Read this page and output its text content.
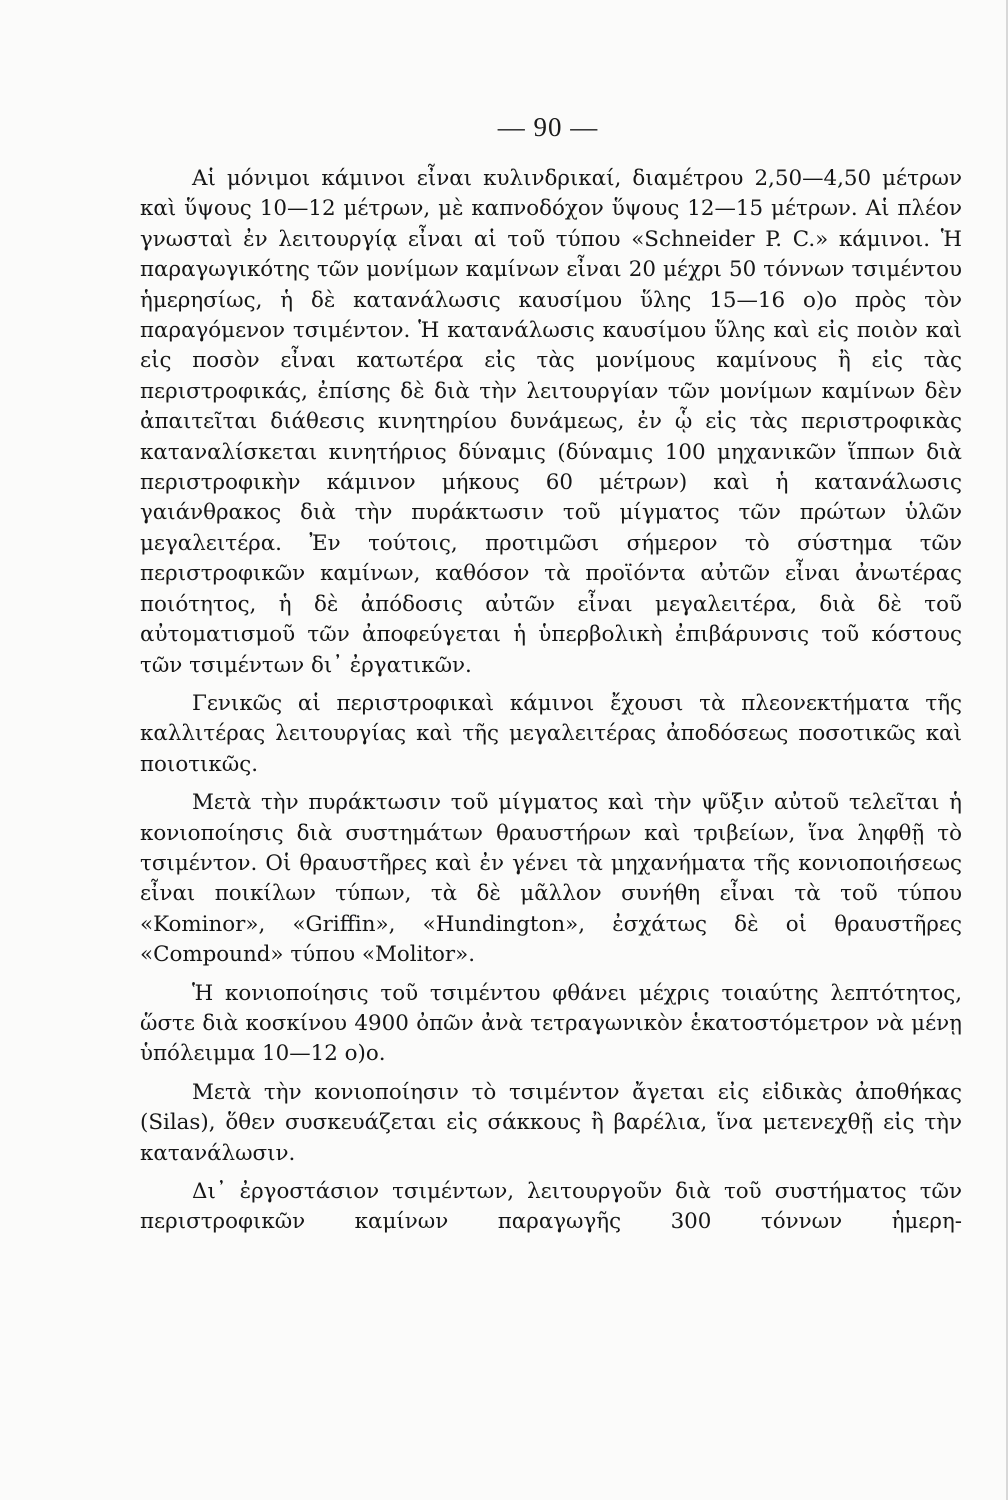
— 90 —

Αἱ μόνιμοι κάμινοι εἶναι κυλινδρικαί, διαμέτρου 2,50—4,50 μέτρων καὶ ὕψους 10—12 μέτρων, μὲ καπνοδόχον ὕψους 12—15 μέτρων. Αἱ πλέον γνωσταὶ ἐν λειτουργίᾳ εἶναι αἱ τοῦ τύπου «Schneider P. C.» κάμινοι. Ἡ παραγωγικότης τῶν μονίμων καμίνων εἶναι 20 μέχρι 50 τόννων τσιμέντου ἡμερησίως, ἡ δὲ κατανάλωσις καυσίμου ὕλης 15—16 ο)ο πρὸς τὸν παραγόμενον τσιμέντον. Ἡ κατανάλωσις καυσίμου ὕλης καὶ εἰς ποιὸν καὶ εἰς ποσὸν εἶναι κατωτέρα εἰς τὰς μονίμους καμίνους ἢ εἰς τὰς περιστροφικάς, ἐπίσης δὲ διὰ τὴν λειτουργίαν τῶν μονίμων καμίνων δὲν ἀπαιτεῖται διάθεσις κινητηρίου δυνάμεως, ἐν ᾧ εἰς τὰς περιστροφικὰς καταναλίσκεται κινητήριος δύναμις (δύναμις 100 μηχανικῶν ἵππων διὰ περιστροφικὴν κάμινον μήκους 60 μέτρων) καὶ ἡ κατανάλωσις γαιάνθρακος διὰ τὴν πυράκτωσιν τοῦ μίγματος τῶν πρώτων ὑλῶν μεγαλειτέρα. Ἐν τούτοις, προτιμῶσι σήμερον τὸ σύστημα τῶν περιστροφικῶν καμίνων, καθόσον τὰ προϊόντα αὐτῶν εἶναι ἀνωτέρας ποιότητος, ἡ δὲ ἀπόδοσις αὐτῶν εἶναι μεγαλειτέρα, διὰ δὲ τοῦ αὐτοματισμοῦ τῶν ἀποφεύγεται ἡ ὑπερβολικὴ ἐπιβάρυνσις τοῦ κόστους τῶν τσιμέντων δι᾽ ἐργατικῶν.

Γενικῶς αἱ περιστροφικαὶ κάμινοι ἔχουσι τὰ πλεονεκτήματα τῆς καλλιτέρας λειτουργίας καὶ τῆς μεγαλειτέρας ἀποδόσεως ποσοτικῶς καὶ ποιοτικῶς.

Μετὰ τὴν πυράκτωσιν τοῦ μίγματος καὶ τὴν ψῦξιν αὐτοῦ τελεῖται ἡ κονιοποίησις διὰ συστημάτων θραυστήρων καὶ τριβείων, ἵνα ληφθῇ τὸ τσιμέντον. Οἱ θραυστῆρες καὶ ἐν γένει τὰ μηχανήματα τῆς κονιοποιήσεως εἶναι ποικίλων τύπων, τὰ δὲ μᾶλλον συνήθη εἶναι τὰ τοῦ τύπου «Kominor», «Griffin», «Hundington», ἐσχάτως δὲ οἱ θραυστῆρες «Compound» τύπου «Molitor».

Ἡ κονιοποίησις τοῦ τσιμέντου φθάνει μέχρις τοιαύτης λεπτότητος, ὥστε διὰ κοσκίνου 4900 ὀπῶν ἀνὰ τετραγωνικὸν ἑκατοστόμετρον νὰ μένῃ ὑπόλειμμα 10—12 ο)ο.

Μετὰ τὴν κονιοποίησιν τὸ τσιμέντον ἄγεται εἰς εἰδικὰς ἀποθήκας (Silas), ὅθεν συσκευάζεται εἰς σάκκους ἢ βαρέλια, ἵνα μετενεχθῇ εἰς τὴν κατανάλωσιν.

Δι᾽ ἐργοστάσιον τσιμέντων, λειτουργοῦν διὰ τοῦ συστήματος τῶν περιστροφικῶν καμίνων παραγωγῆς 300 τόννων ἡμερη-
